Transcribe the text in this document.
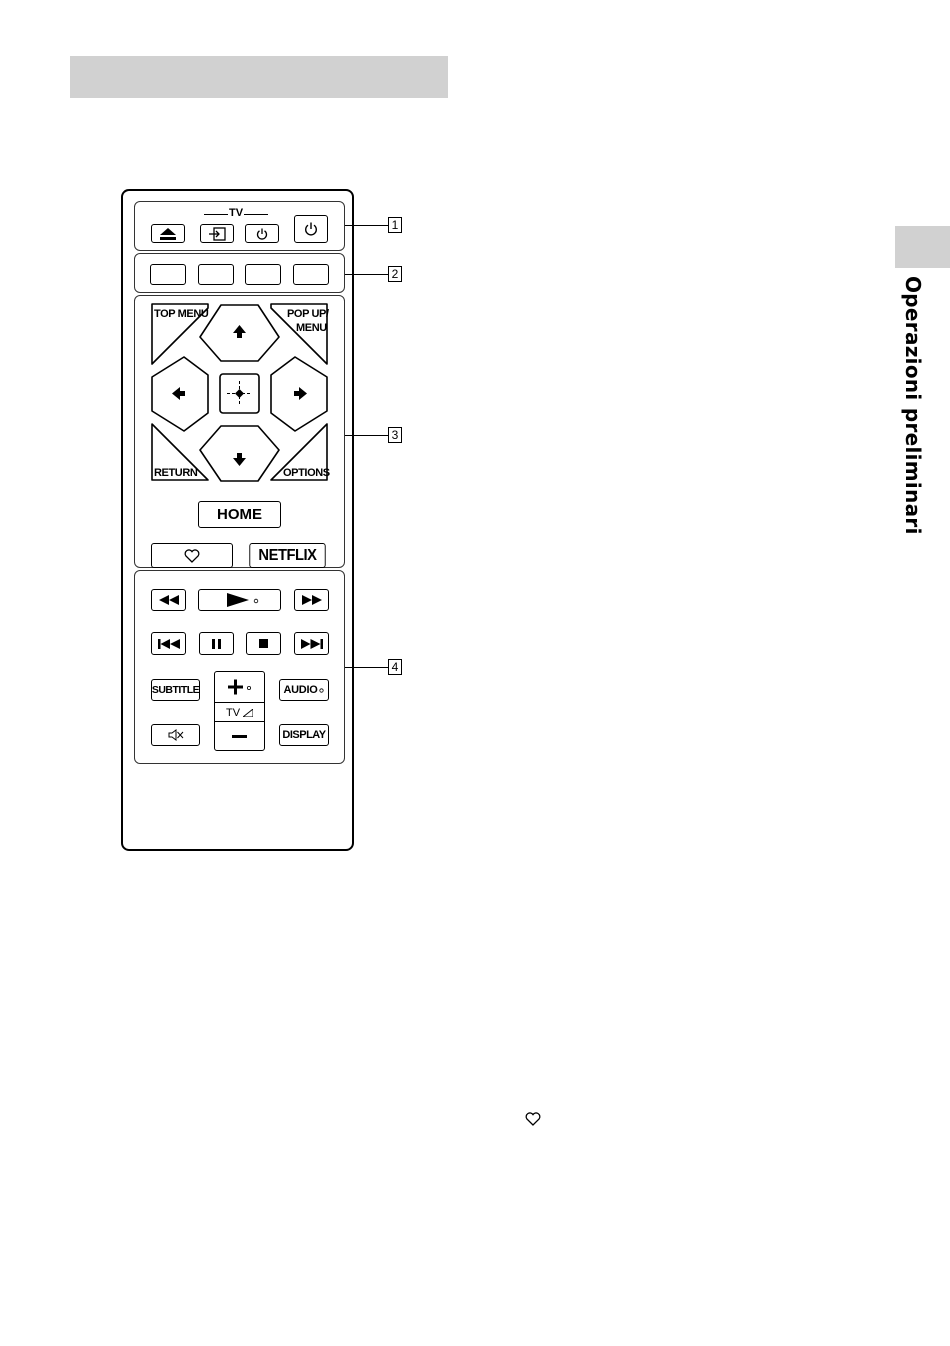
Operazioni preliminari
TV
TOP MENU	POP UP/
MENU
RETURN	OPTIONS
HOME
NETFLIX
SUBTITLE
TV
AUDIO
DISPLAY
1
2
3
4
